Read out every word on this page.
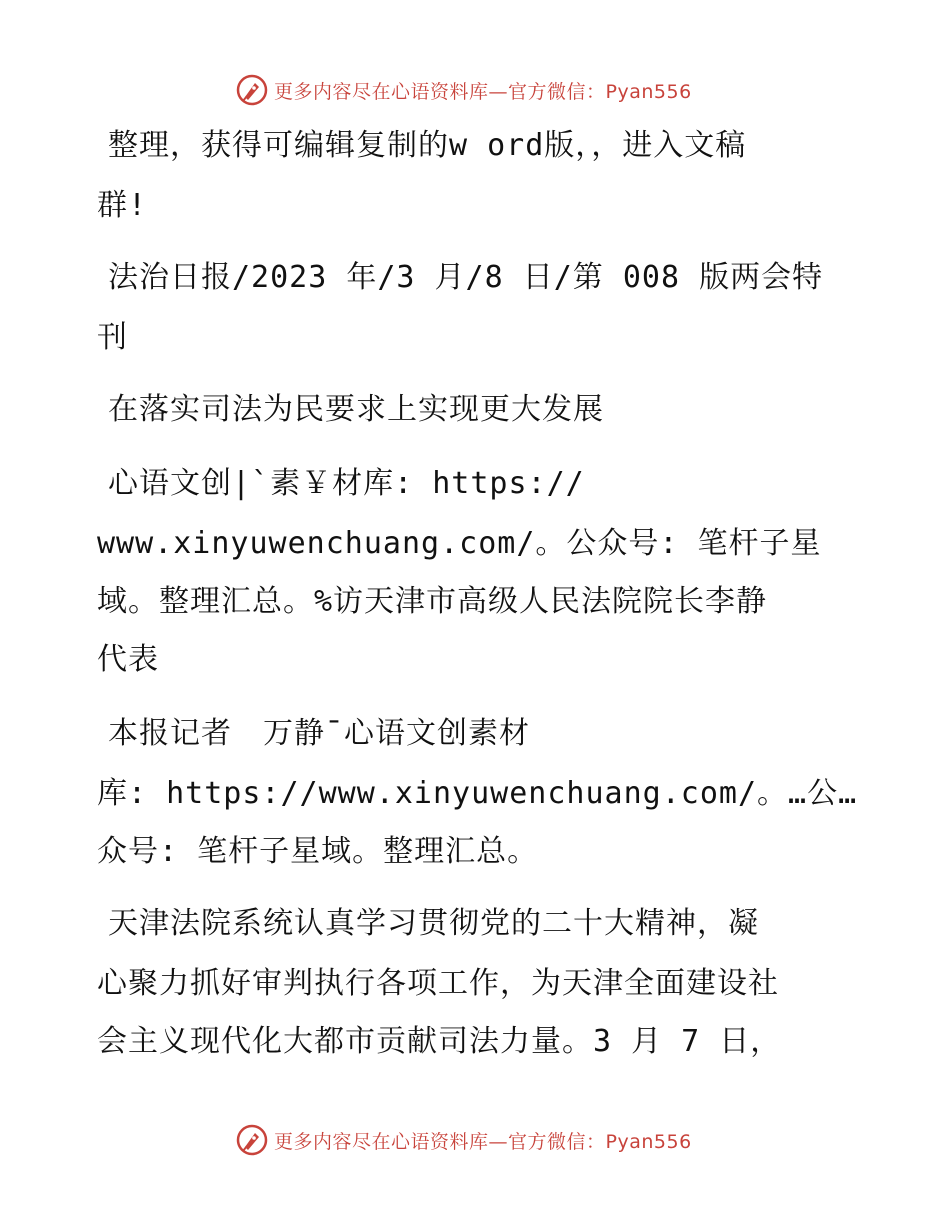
更多内容尽在心语资料库—官方微信：Pyan556
整理，获得可编辑复制的w ord版，，进入文稿
群!
法治日报/2023 年/3 月/8 日/第 008 版两会特
刊
在落实司法为民要求上实现更大发展
心语文创|`素￥材库: https://
www.xinyuwenchuang.com/。公众号: 笔杆子星
域。整理汇总。%访天津市高级人民法院院长李静
代表
本报记者　万静¯心语文创素材
库: https://www.xinyuwenchuang.com/。…公…
众号: 笔杆子星域。整理汇总。
天津法院系统认真学习贯彻党的二十大精神，凝
心聚力抓好审判执行各项工作，为天津全面建设社
会主义现代化大都市贡献司法力量。3 月 7 日，
更多内容尽在心语资料库—官方微信：Pyan556
